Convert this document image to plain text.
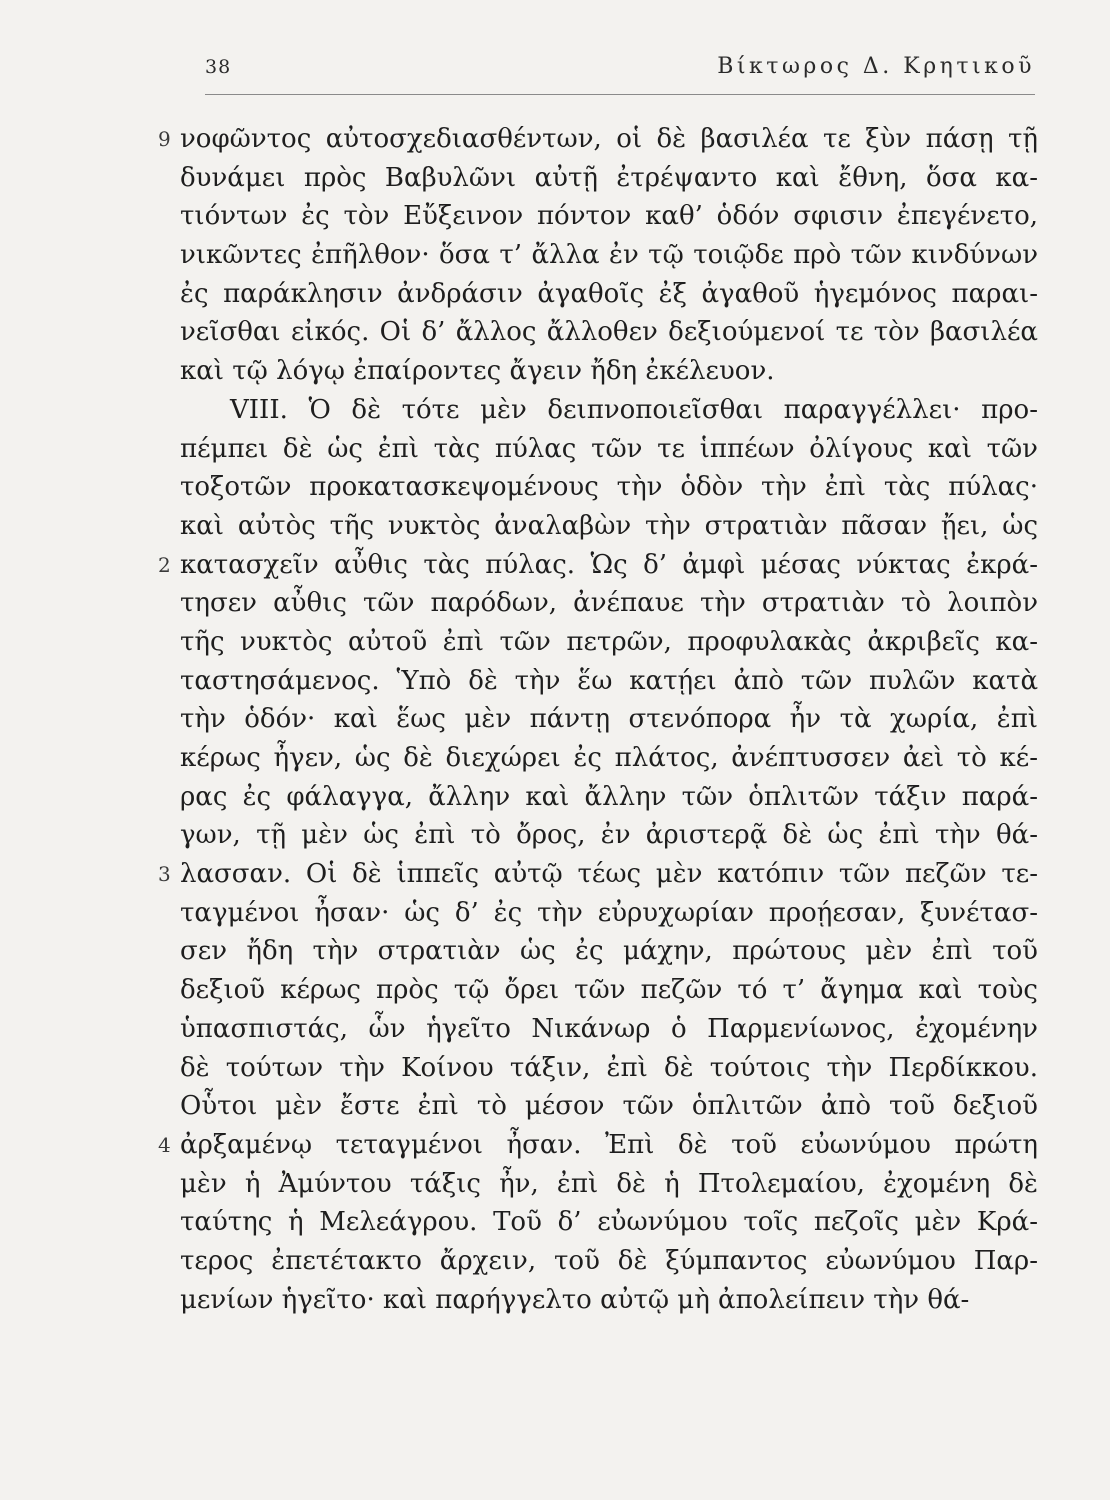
38	Βίκτωρος Δ. Κρητικοῦ
9 νοφῶντος αὐτοσχεδιασθέντων, οἱ δὲ βασιλέα τε ξὺν πάσῃ τῇ
δυνάμει πρὸς Βαβυλῶνι αὐτῇ ἐτρέψαντο καὶ ἔθνη, ὅσα κα-
τιόντων ἐς τὸν Εὔξεινον πόντον καθ’ ὁδόν σφισιν ἐπεγένετο,
νικῶντες ἐπῆλθον· ὅσα τ’ ἄλλα ἐν τῷ τοιῷδε πρὸ τῶν κινδύνων
ἐς παράκλησιν ἀνδράσιν ἀγαθοῖς ἐξ ἀγαθοῦ ἡγεμόνος παραι-
νεῖσθαι εἰκός. Οἱ δ’ ἄλλος ἄλλοθεν δεξιούμενοί τε τὸν βασιλέα
καὶ τῷ λόγῳ ἐπαίροντες ἄγειν ἤδη ἐκέλευον.
VIII. Ὁ δὲ τότε μὲν δειπνοποιεῖσθαι παραγγέλλει· προ-
πέμπει δὲ ὡς ἐπὶ τὰς πύλας τῶν τε ἱππέων ὀλίγους καὶ τῶν
τοξοτῶν προκατασκεψομένους τὴν ὁδὸν τὴν ἐπὶ τὰς πύλας·
καὶ αὐτὸς τῆς νυκτὸς ἀναλαβὼν τὴν στρατιὰν πᾶσαν ᾔει, ὡς
2 κατασχεῖν αὖθις τὰς πύλας. Ὡς δ’ ἀμφὶ μέσας νύκτας ἐκρά-
τησεν αὖθις τῶν παρόδων, ἀνέπαυε τὴν στρατιὰν τὸ λοιπὸν
τῆς νυκτὸς αὐτοῦ ἐπὶ τῶν πετρῶν, προφυλακὰς ἀκριβεῖς κα-
ταστησάμενος. Ὑπὸ δὲ τὴν ἕω κατῄει ἀπὸ τῶν πυλῶν κατὰ
τὴν ὁδόν· καὶ ἕως μὲν πάντῃ στενόπορα ἦν τὰ χωρία, ἐπὶ
κέρως ἦγεν, ὡς δὲ διεχώρει ἐς πλάτος, ἀνέπτυσσεν ἀεὶ τὸ κέ-
ρας ἐς φάλαγγα, ἄλλην καὶ ἄλλην τῶν ὁπλιτῶν τάξιν παρά-
γων, τῇ μὲν ὡς ἐπὶ τὸ ὄρος, ἐν ἀριστερᾷ δὲ ὡς ἐπὶ τὴν θά-
3 λασσαν. Οἱ δὲ ἱππεῖς αὐτῷ τέως μὲν κατόπιν τῶν πεζῶν τε-
ταγμένοι ἦσαν· ὡς δ’ ἐς τὴν εὐρυχωρίαν προῄεσαν, ξυνέτασ-
σεν ἤδη τὴν στρατιὰν ὡς ἐς μάχην, πρώτους μὲν ἐπὶ τοῦ
δεξιοῦ κέρως πρὸς τῷ ὄρει τῶν πεζῶν τό τ’ ἄγημα καὶ τοὺς
ὑπασπιστάς, ὧν ἡγεῖτο Νικάνωρ ὁ Παρμενίωνος, ἐχομένην
δὲ τούτων τὴν Κοίνου τάξιν, ἐπὶ δὲ τούτοις τὴν Περδίκκου.
Οὗτοι μὲν ἔστε ἐπὶ τὸ μέσον τῶν ὁπλιτῶν ἀπὸ τοῦ δεξιοῦ
4 ἀρξαμένῳ τεταγμένοι ἦσαν. Ἐπὶ δὲ τοῦ εὐωνύμου πρώτη
μὲν ἡ Ἀμύντου τάξις ἦν, ἐπὶ δὲ ἡ Πτολεμαίου, ἐχομένη δὲ
ταύτης ἡ Μελεάγρου. Τοῦ δ’ εὐωνύμου τοῖς πεζοῖς μὲν Κρά-
τερος ἐπετέτακτο ἄρχειν, τοῦ δὲ ξύμπαντος εὐωνύμου Παρ-
μενίων ἡγεῖτο· καὶ παρήγγελτο αὐτῷ μὴ ἀπολείπειν τὴν θά-
